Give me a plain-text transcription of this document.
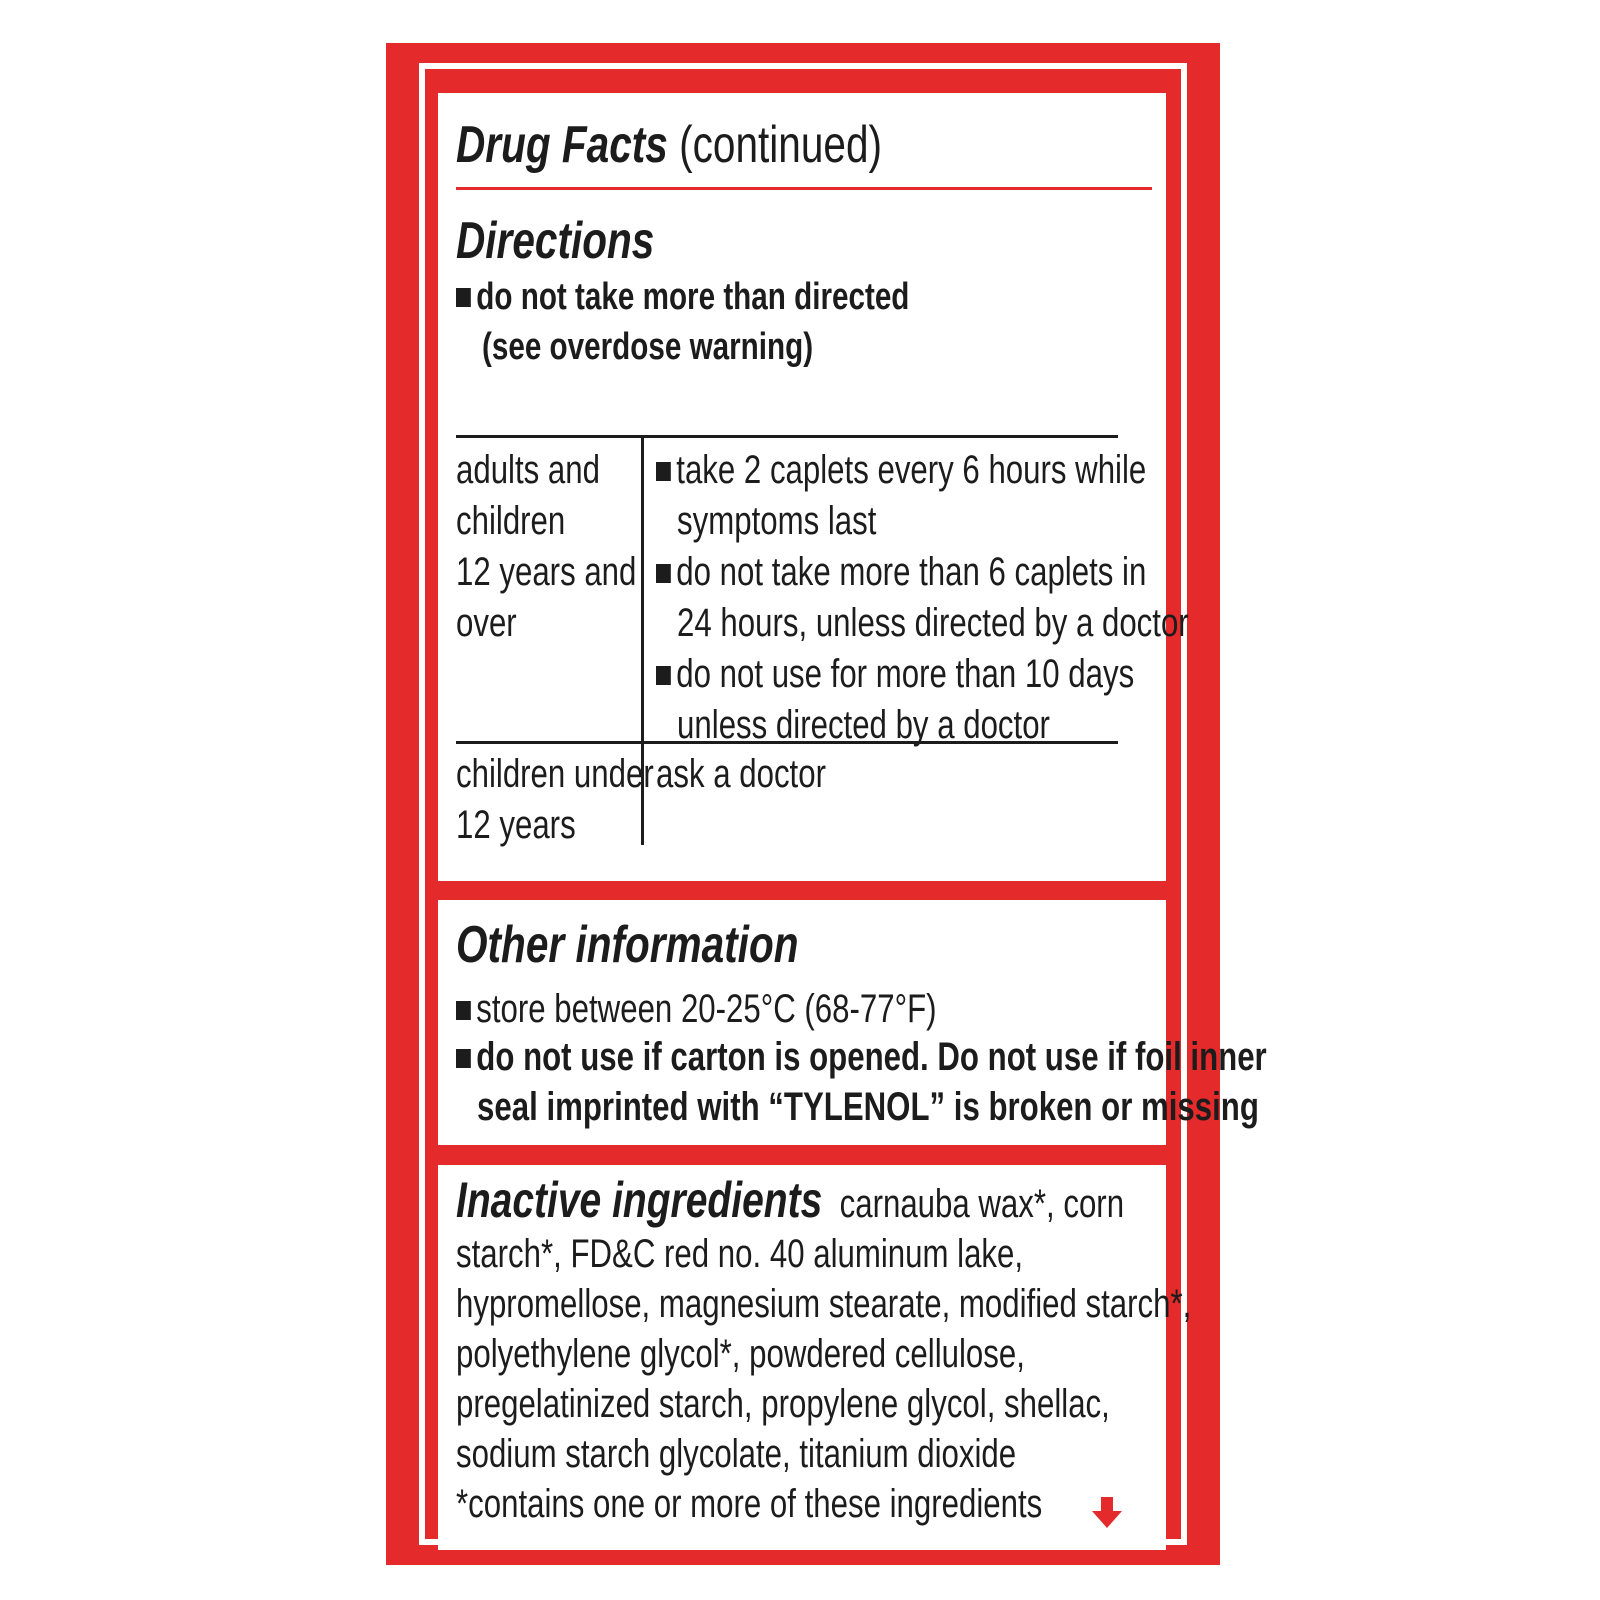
Drug Facts (continued)
Directions
do not take more than directed
(see overdose warning)
adults and
children
12 years and
over
take 2 caplets every 6 hours while
symptoms last
do not take more than 6 caplets in
24 hours, unless directed by a doctor
do not use for more than 10 days
unless directed by a doctor
children under
12 years
ask a doctor
Other information
store between 20-25°C (68-77°F)
do not use if carton is opened. Do not use if foil inner
seal imprinted with “TYLENOL” is broken or missing
Inactive ingredients carnauba wax*, corn
starch*, FD&C red no. 40 aluminum lake,
hypromellose, magnesium stearate, modified starch*,
polyethylene glycol*, powdered cellulose,
pregelatinized starch, propylene glycol, shellac,
sodium starch glycolate, titanium dioxide
*contains one or more of these ingredients
